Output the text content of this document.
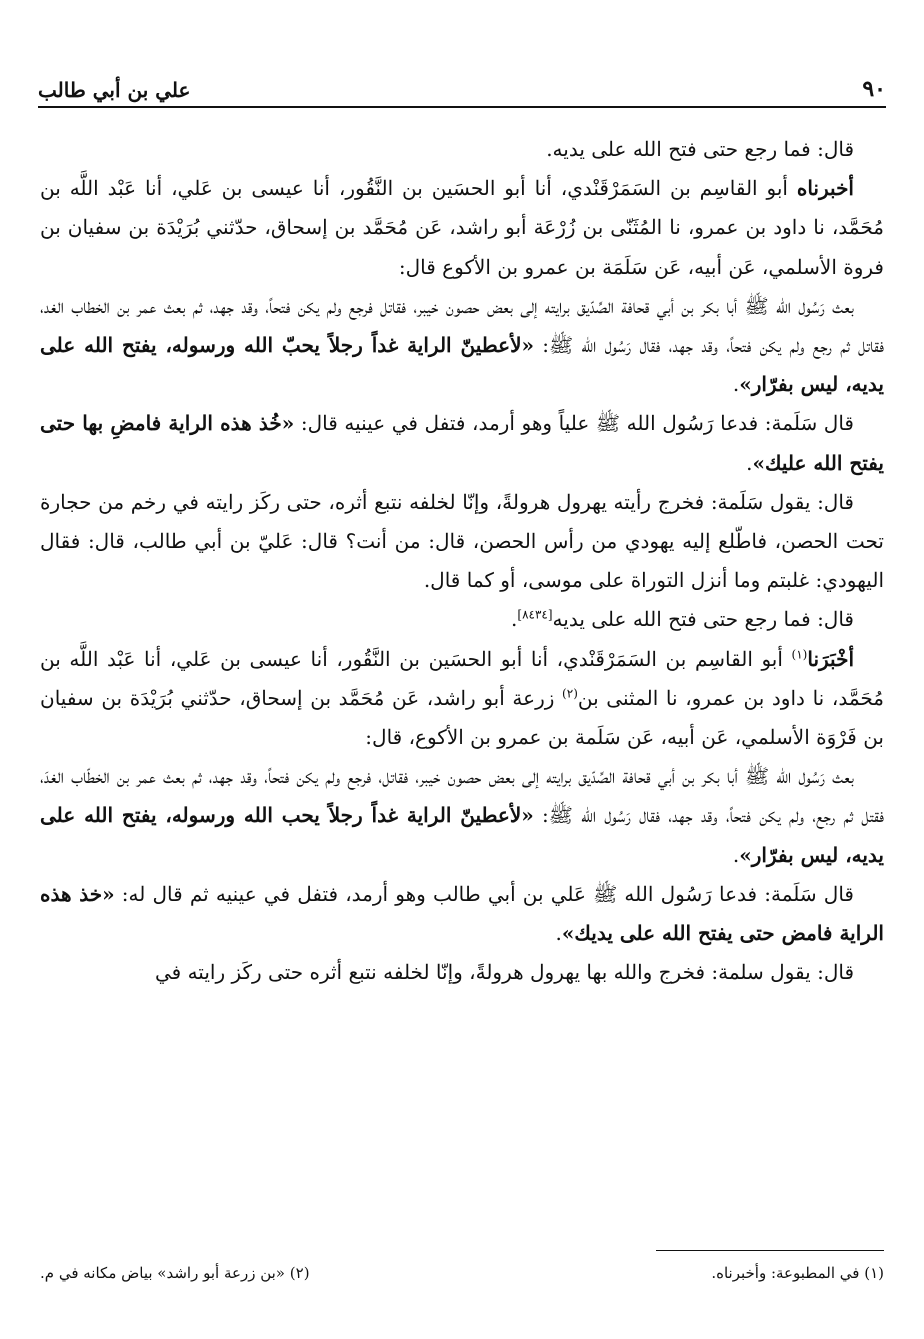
علي بن أبي طالب	٩٠

قال: فما رجع حتى فتح الله على يديه.

أخبرناه أبو القاسِم بن السَمَرْقَنْدي، أنا أبو الحسَين بن النَّقُور، أنا عيسى بن عَلي، أنا عَبْد اللَّه بن مُحَمَّد، نا داود بن عمرو، نا المُثَنّى بن زُرْعَة أبو راشد، عَن مُحَمَّد بن إسحاق، حدّثني بُرَيْدَة بن سفيان بن فروة الأسلمي، عَن أبيه، عَن سَلَمَة بن عمرو بن الأكوع قال:

بعث رَسُول الله ﷺ أبا بكر بن أبي قحافة الصِّدّيق برايته إلى بعض حصون خيبر، فقاتل فرجع ولم يكن فتحاً، وقد جهد، ثم بعث عمر بن الخطاب الغد، فقاتل ثم رجع ولم يكن فتحاً، وقد جهد، فقال رَسُول الله ﷺ: «لأعطينّ الراية غداً رجلاً يحبّ الله ورسوله، يفتح الله على يديه، ليس بفرّار».

قال سَلَمة: فدعا رَسُول الله ﷺ علياً وهو أرمد، فتفل في عينيه قال: «خُذ هذه الراية فامضِ بها حتى يفتح الله عليك».

قال: يقول سَلَمة: فخرج رأيته يهرول هرولةً، وإنّا لخلفه نتبع أثره، حتى ركَز رايته في رخم من حجارة تحت الحصن، فاطّلع إليه يهودي من رأس الحصن، قال: من أنت؟ قال: عَليّ بن أبي طالب، قال: فقال اليهودي: غلبتم وما أنزل التوراة على موسى، أو كما قال.

قال: فما رجع حتى فتح الله على يديه[٨٤٣٤].

أخْبَرَنا$^{(١)}$ أبو القاسِم بن السَمَرْقَنْدي، أنا أبو الحسَين بن النَّقُور، أنا عيسى بن عَلي، أنا عَبْد اللَّه بن مُحَمَّد، نا داود بن عمرو، نا المثنى بن$^{(٢)}$ زرعة أبو راشد، عَن مُحَمَّد بن إسحاق، حدّثني بُرَيْدَة بن سفيان بن فَرْوَة الأسلمي، عَن أبيه، عَن سَلَمة بن عمرو بن الأكوع، قال:

بعث رَسُول الله ﷺ أبا بكر بن أبي قحافة الصِّدّيق برايته إلى بعض حصون خيبر، فقاتل، فرجع ولم يكن فتحاً، وقد جهد، ثم بعث عمر بن الخطّاب الغدَ، فقتل ثم رجع، ولم يكن فتحاً، وقد جهد، فقال رَسُول الله ﷺ: «لأعطينّ الراية غداً رجلاً يحب الله ورسوله، يفتح الله على يديه، ليس بفرّار».

قال سَلَمة: فدعا رَسُول الله ﷺ عَلي بن أبي طالب وهو أرمد، فتفل في عينيه ثم قال له: «خذ هذه الراية فامض حتى يفتح الله على يديك».

قال: يقول سلمة: فخرج والله بها يهرول هرولةً، وإنّا لخلفه نتبع أثره حتى ركَز رايته في

(١) في المطبوعة: وأخبرناه.
(٢) «بن زرعة أبو راشد» بياض مكانه في م.
